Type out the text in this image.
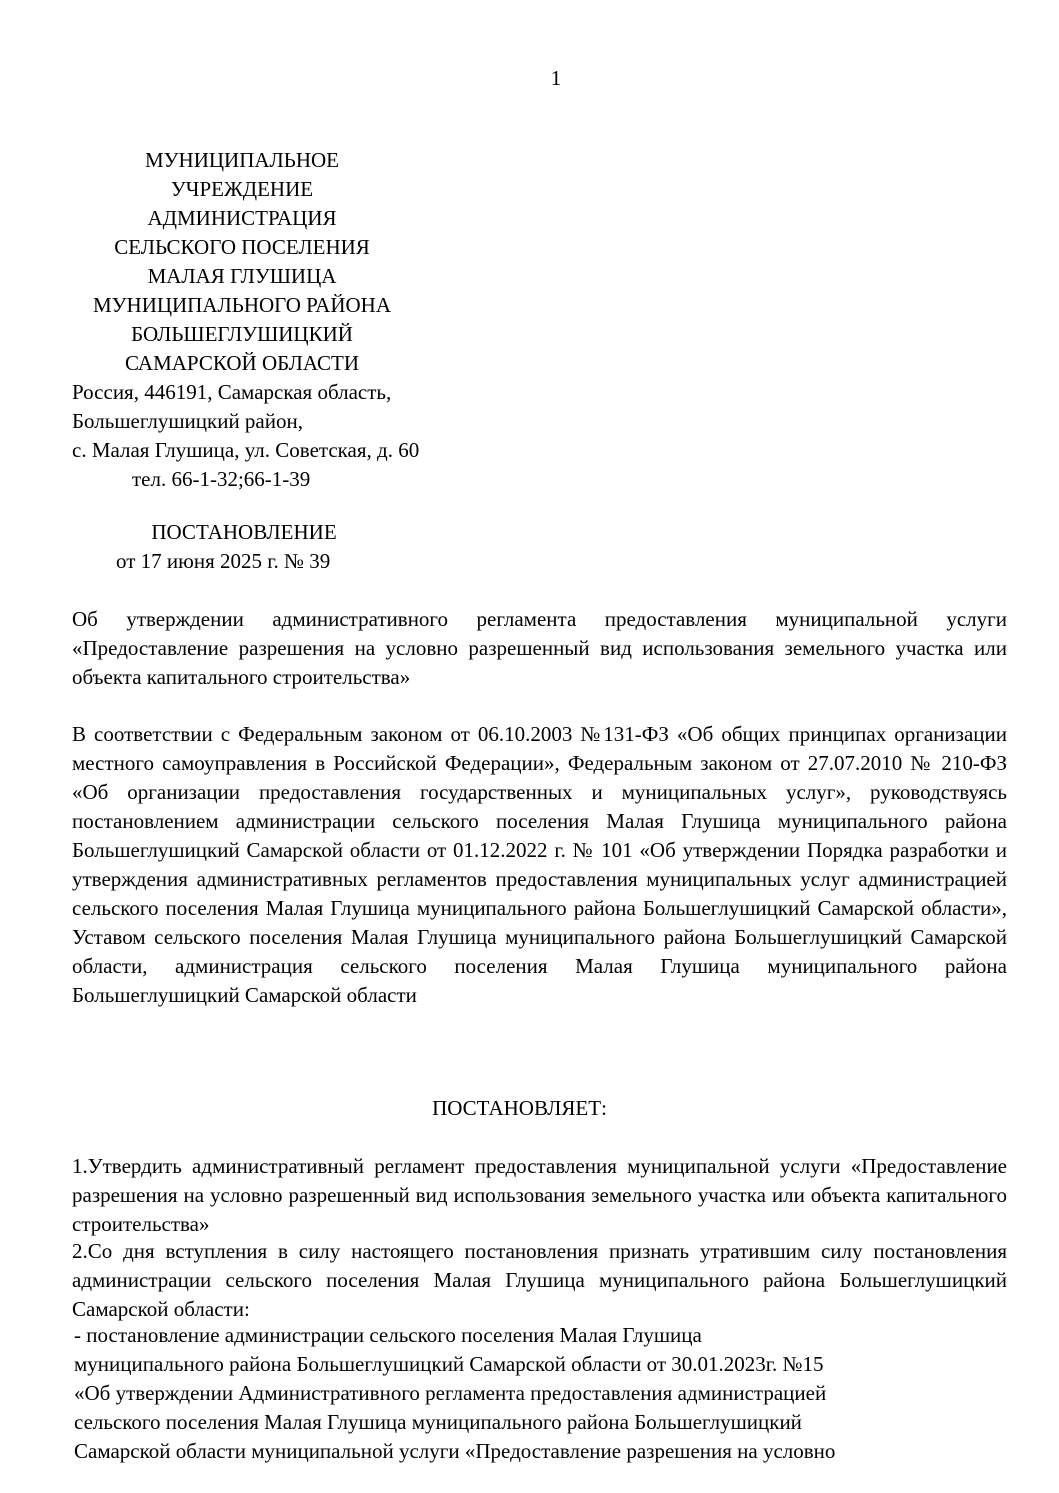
1
МУНИЦИПАЛЬНОЕ
УЧРЕЖДЕНИЕ
АДМИНИСТРАЦИЯ
СЕЛЬСКОГО ПОСЕЛЕНИЯ
МАЛАЯ ГЛУШИЦА
МУНИЦИПАЛЬНОГО РАЙОНА
БОЛЬШЕГЛУШИЦКИЙ
САМАРСКОЙ ОБЛАСТИ
Россия, 446191, Самарская область,
Большеглушицкий район,
с. Малая Глушица, ул. Советская, д. 60
тел. 66-1-32;66-1-39
ПОСТАНОВЛЕНИЕ
от 17 июня 2025 г. № 39

Об утверждении административного регламента предоставления муниципальной услуги «Предоставление разрешения на условно разрешенный вид использования земельного участка или объекта капитального строительства»

В соответствии с Федеральным законом от 06.10.2003 №131-ФЗ «Об общих принципах организации местного самоуправления в Российской Федерации», Федеральным законом от 27.07.2010 № 210-ФЗ «Об организации предоставления государственных и муниципальных услуг», руководствуясь постановлением администрации сельского поселения Малая Глушица муниципального района Большеглушицкий Самарской области от 01.12.2022 г. № 101 «Об утверждении Порядка разработки и утверждения административных регламентов предоставления муниципальных услуг администрацией сельского поселения Малая Глушица муниципального района Большеглушицкий Самарской области», Уставом сельского поселения Малая Глушица муниципального района Большеглушицкий Самарской области, администрация сельского поселения Малая Глушица муниципального района Большеглушицкий Самарской области

ПОСТАНОВЛЯЕТ:

1.Утвердить административный регламент предоставления муниципальной услуги «Предоставление разрешения на условно разрешенный вид использования земельного участка или объекта капитального строительства»

2.Со дня вступления в силу настоящего постановления признать утратившим силу постановления администрации сельского поселения Малая Глушица муниципального района Большеглушицкий Самарской области:

- постановление администрации сельского поселения Малая Глушица
муниципального района Большеглушицкий Самарской области от 30.01.2023г. №15
«Об утверждении Административного регламента предоставления администрацией
сельского поселения Малая Глушица муниципального района Большеглушицкий
Самарской области муниципальной услуги «Предоставление разрешения на условно
